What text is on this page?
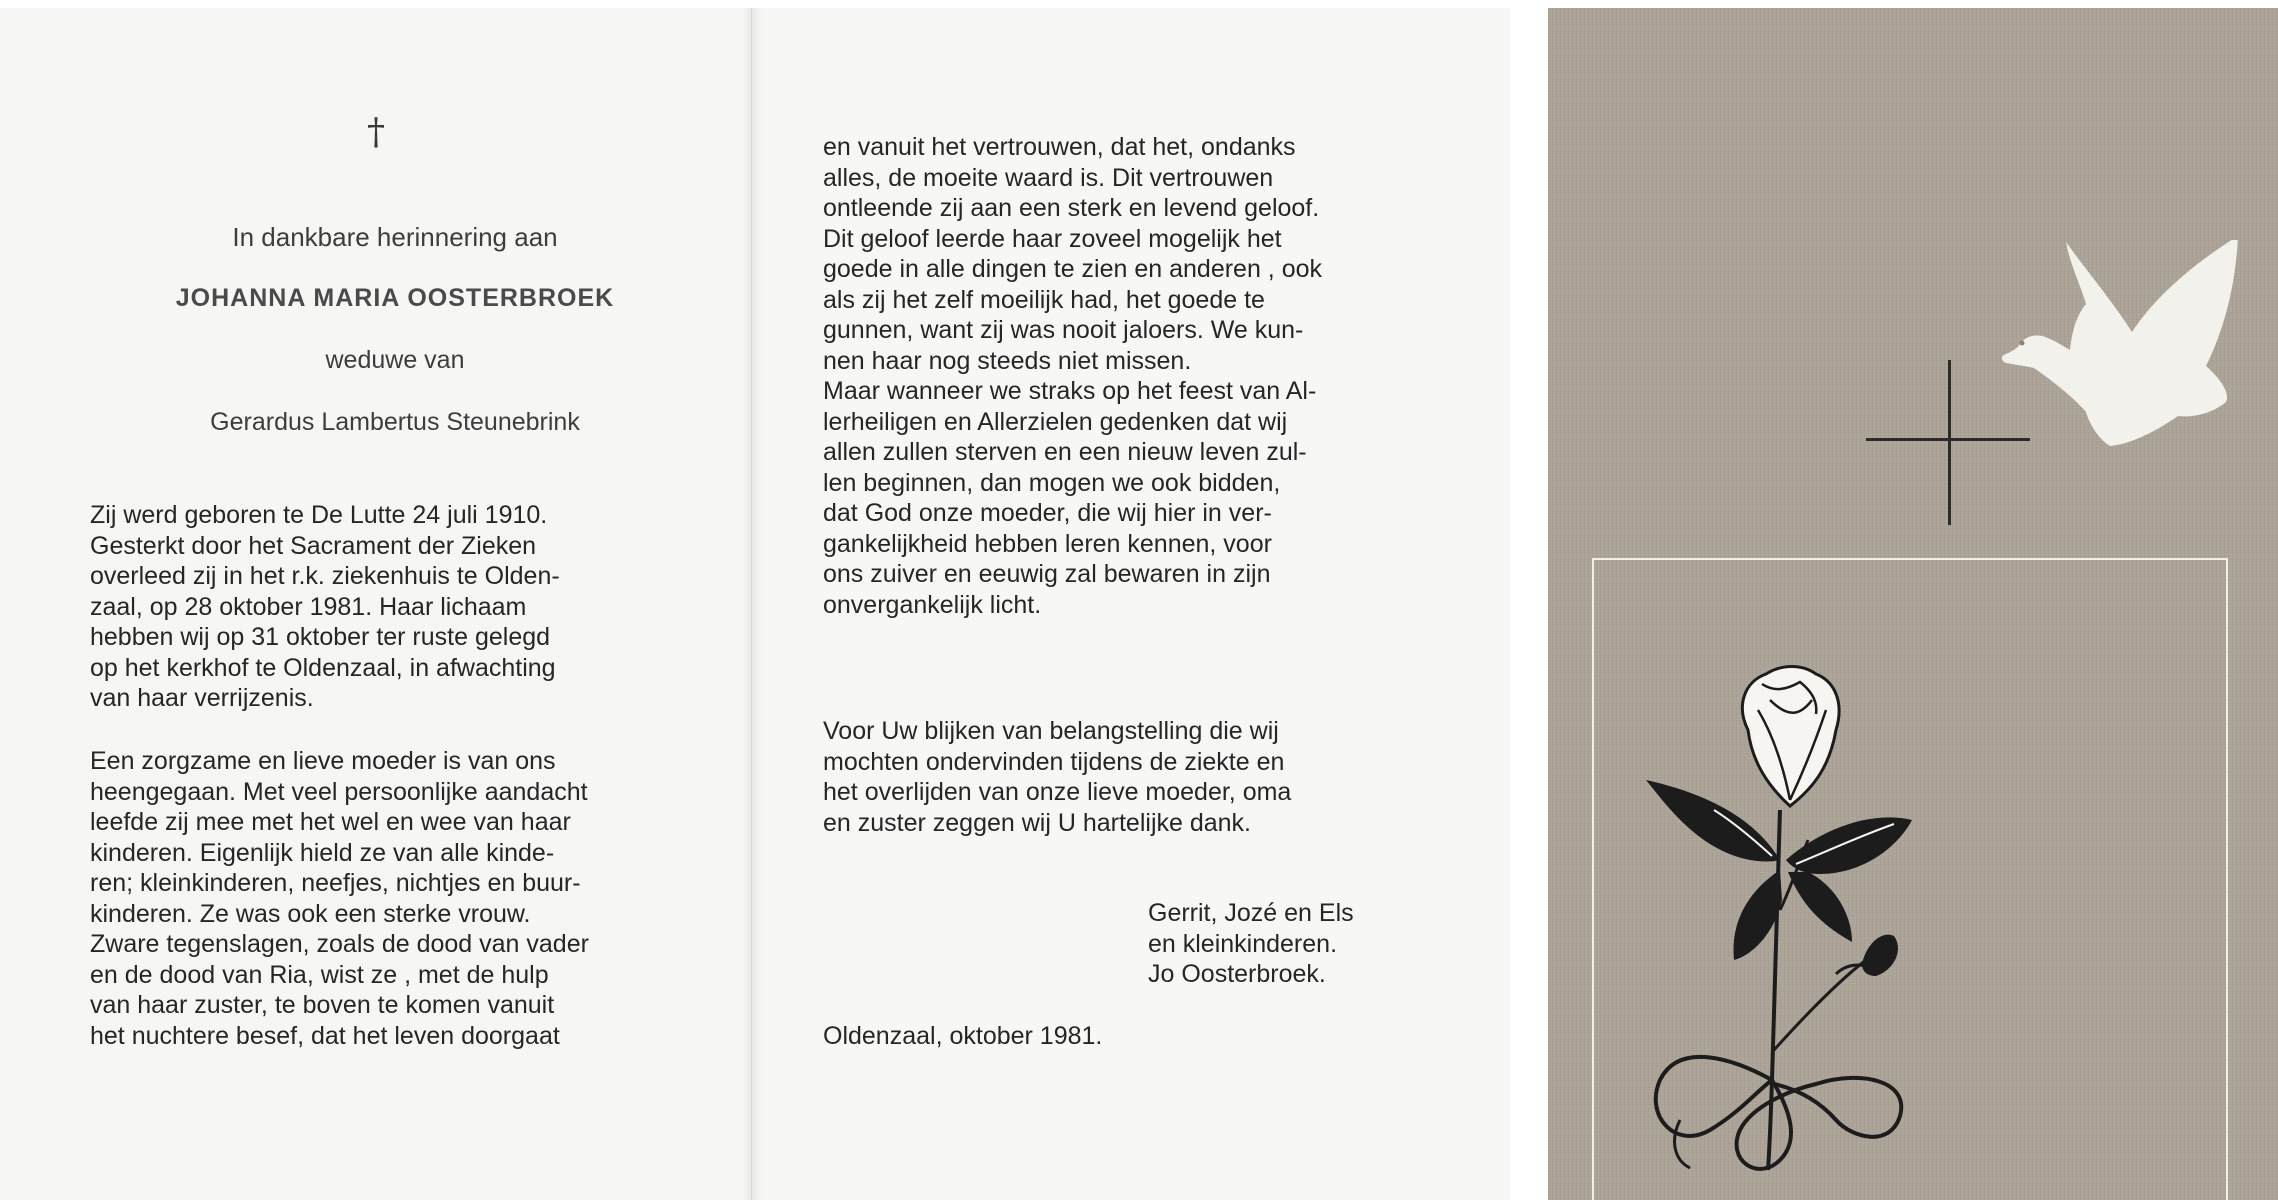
†
In dankbare herinnering aan
JOHANNA MARIA OOSTERBROEK
weduwe van
Gerardus Lambertus Steunebrink

Zij werd geboren te De Lutte 24 juli 1910.
Gesterkt door het Sacrament der Zieken
overleed zij in het r.k. ziekenhuis te Olden-
zaal, op 28 oktober 1981. Haar lichaam
hebben wij op 31 oktober ter ruste gelegd
op het kerkhof te Oldenzaal, in afwachting
van haar verrijzenis.

Een zorgzame en lieve moeder is van ons
heengegaan. Met veel persoonlijke aandacht
leefde zij mee met het wel en wee van haar
kinderen. Eigenlijk hield ze van alle kinde-
ren; kleinkinderen, neefjes, nichtjes en buur-
kinderen. Ze was ook een sterke vrouw.
Zware tegenslagen, zoals de dood van vader
en de dood van Ria, wist ze , met de hulp
van haar zuster, te boven te komen vanuit
het nuchtere besef, dat het leven doorgaat

en vanuit het vertrouwen, dat het, ondanks
alles, de moeite waard is. Dit vertrouwen
ontleende zij aan een sterk en levend geloof.
Dit geloof leerde haar zoveel mogelijk het
goede in alle dingen te zien en anderen , ook
als zij het zelf moeilijk had, het goede te
gunnen, want zij was nooit jaloers. We kun-
nen haar nog steeds niet missen.
Maar wanneer we straks op het feest van Al-
lerheiligen en Allerzielen gedenken dat wij
allen zullen sterven en een nieuw leven zul-
len beginnen, dan mogen we ook bidden,
dat God onze moeder, die wij hier in ver-
gankelijkheid hebben leren kennen, voor
ons zuiver en eeuwig zal bewaren in zijn
onvergankelijk licht.

Voor Uw blijken van belangstelling die wij
mochten ondervinden tijdens de ziekte en
het overlijden van onze lieve moeder, oma
en zuster zeggen wij U hartelijke dank.

Gerrit, Jozé en Els
en kleinkinderen.
Jo Oosterbroek.

Oldenzaal, oktober 1981.
